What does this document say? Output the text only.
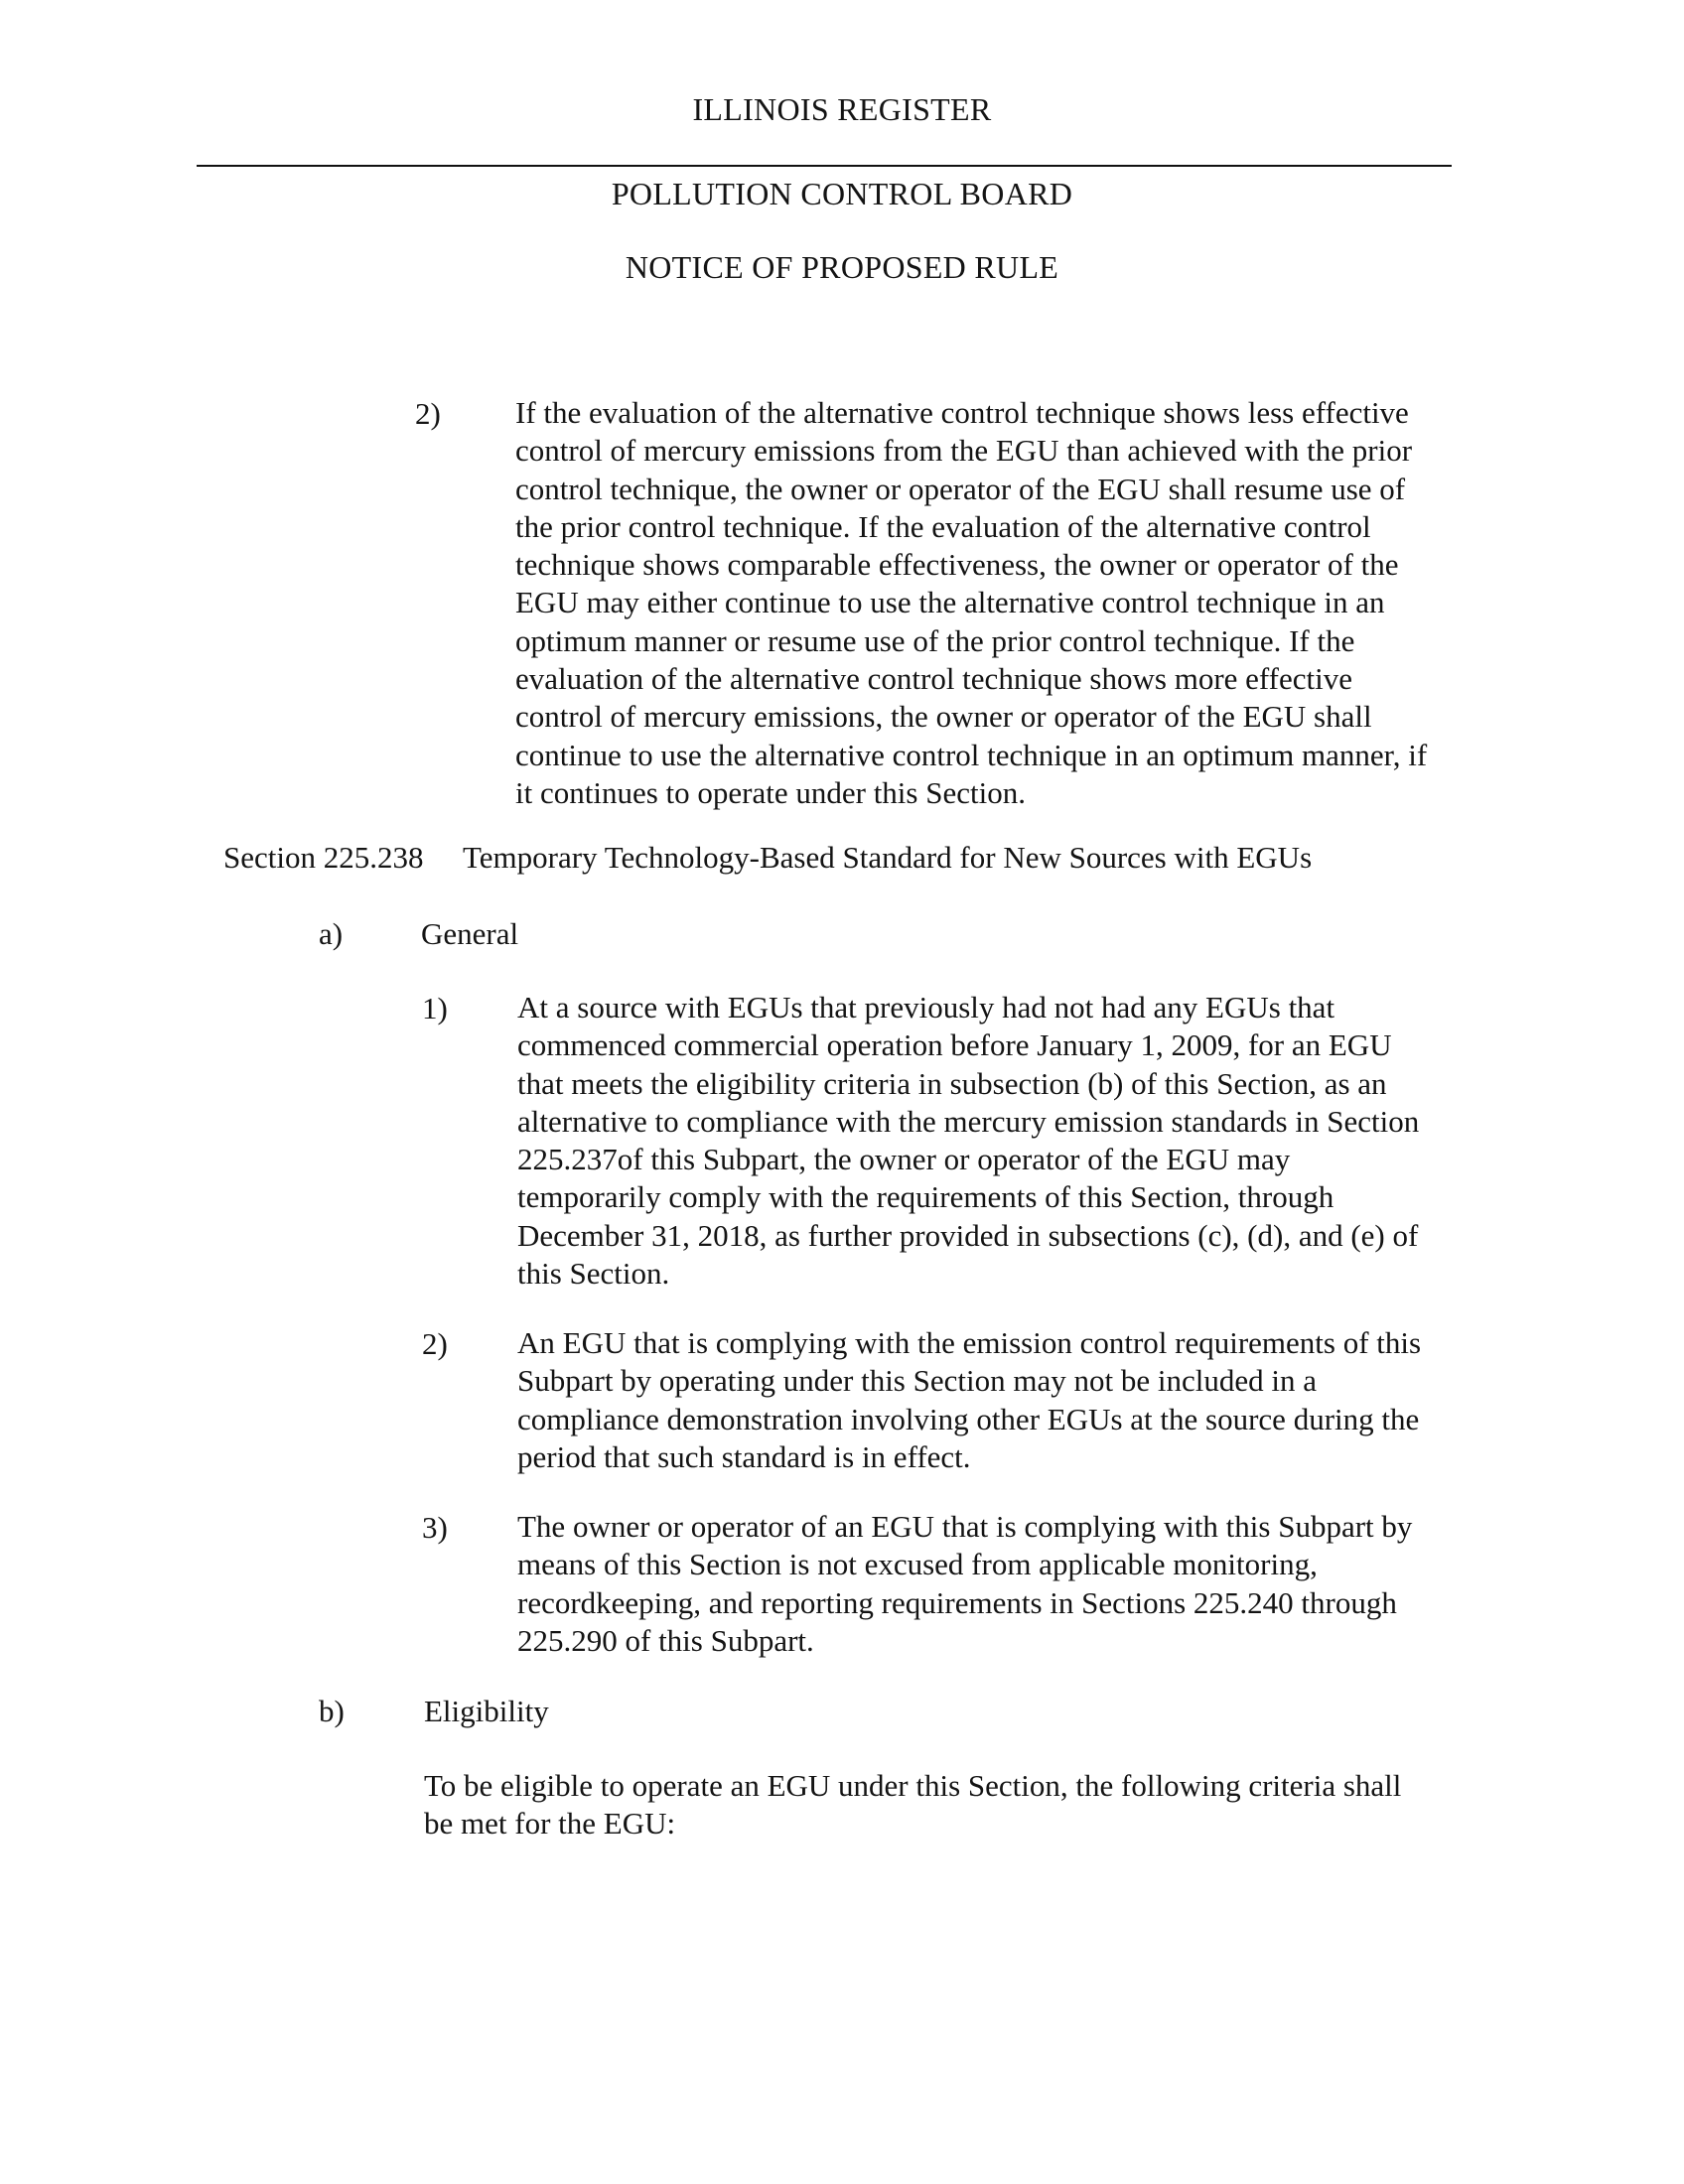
ILLINOIS REGISTER
POLLUTION CONTROL BOARD
NOTICE OF PROPOSED RULE
2) If the evaluation of the alternative control technique shows less effective
control of mercury emissions from the EGU than achieved with the prior
control technique, the owner or operator of the EGU shall resume use of
the prior control technique. If the evaluation of the alternative control
technique shows comparable effectiveness, the owner or operator of the
EGU may either continue to use the alternative control technique in an
optimum manner or resume use of the prior control technique. If the
evaluation of the alternative control technique shows more effective
control of mercury emissions, the owner or operator of the EGU shall
continue to use the alternative control technique in an optimum manner, if
it continues to operate under this Section.
Section 225.238 Temporary Technology-Based Standard for New Sources with EGUs
a)	General
1) At a source with EGUs that previously had not had any EGUs that
commenced commercial operation before January 1, 2009, for an EGU
that meets the eligibility criteria in subsection (b) of this Section, as an
alternative to compliance with the mercury emission standards in Section
225.237of this Subpart, the owner or operator of the EGU may
temporarily comply with the requirements of this Section, through
December 31, 2018, as further provided in subsections (c), (d), and (e) of
this Section.
2) An EGU that is complying with the emission control requirements of this
Subpart by operating under this Section may not be included in a
compliance demonstration involving other EGUs at the source during the
period that such standard is in effect.
3) The owner or operator of an EGU that is complying with this Subpart by
means of this Section is not excused from applicable monitoring,
recordkeeping, and reporting requirements in Sections 225.240 through
225.290 of this Subpart.
b)	Eligibility
To be eligible to operate an EGU under this Section, the following criteria shall
be met for the EGU:
